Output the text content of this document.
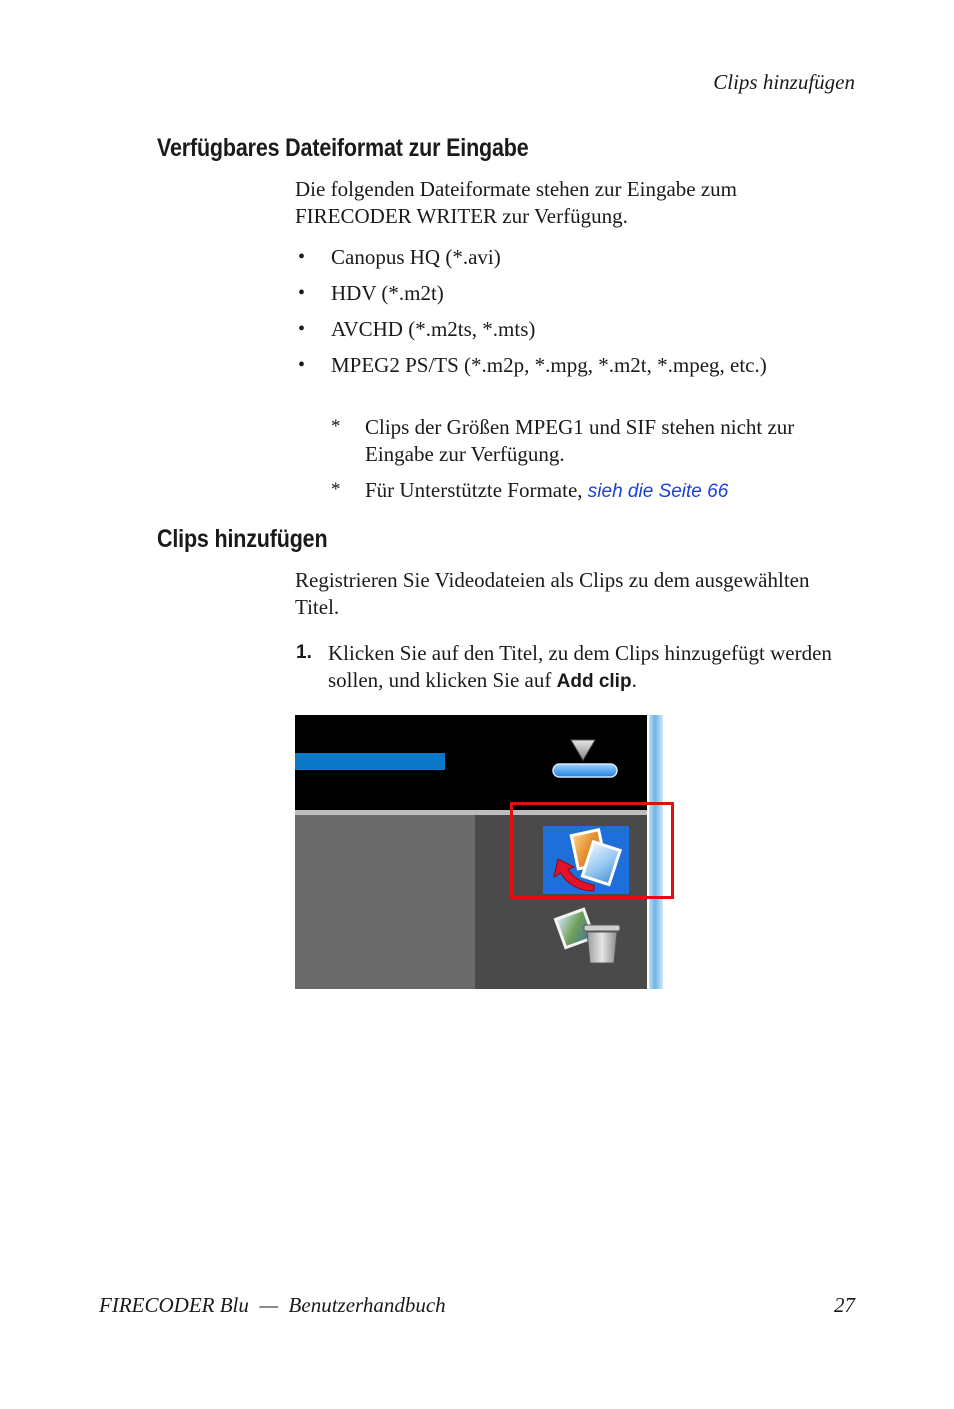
Clips hinzufügen
Verfügbares Dateiformat zur Eingabe
Die folgenden Dateiformate stehen zur Eingabe zum FIRECODER WRITER zur Verfügung.
• Canopus HQ (*.avi)
• HDV (*.m2t)
• AVCHD (*.m2ts, *.mts)
• MPEG2 PS/TS (*.m2p, *.mpg, *.m2t, *.mpeg, etc.)
* Clips der Größen MPEG1 und SIF stehen nicht zur Eingabe zur Verfügung.
* Für Unterstützte Formate, sieh die Seite 66
Clips hinzufügen
Registrieren Sie Videodateien als Clips zu dem ausgewählten Titel.
1. Klicken Sie auf den Titel, zu dem Clips hinzugefügt werden sollen, und klicken Sie auf Add clip.
FIRECODER Blu  —  Benutzerhandbuch	27
